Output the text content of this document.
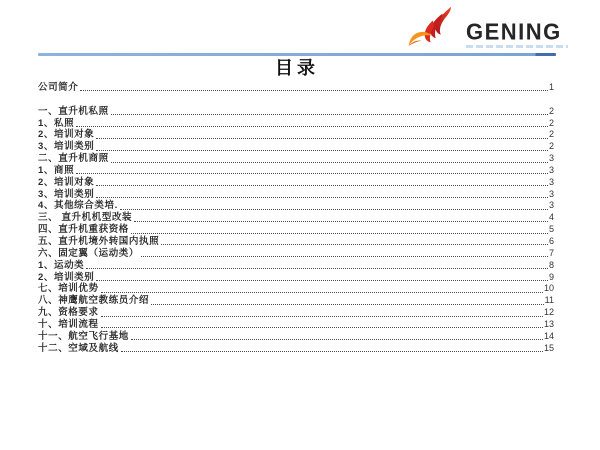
GENING
目录
公司简介	1
一、直升机私照	2
1、私照	2
2、培训对象	2
3、培训类别	2
二、直升机商照	3
1、商照	3
2、培训对象	3
3、培训类别	3
4、其他综合类培.	3
三、 直升机机型改装	4
四、直升机重获资格	5
五、直升机境外转国内执照	6
六、固定翼（运动类）	7
1、运动类	8
2、培训类别	9
七、培训优势	10
八、神鹰航空教练员介绍	11
九、资格要求	12
十、培训流程	13
十一、航空飞行基地	14
十二、空域及航线	15
